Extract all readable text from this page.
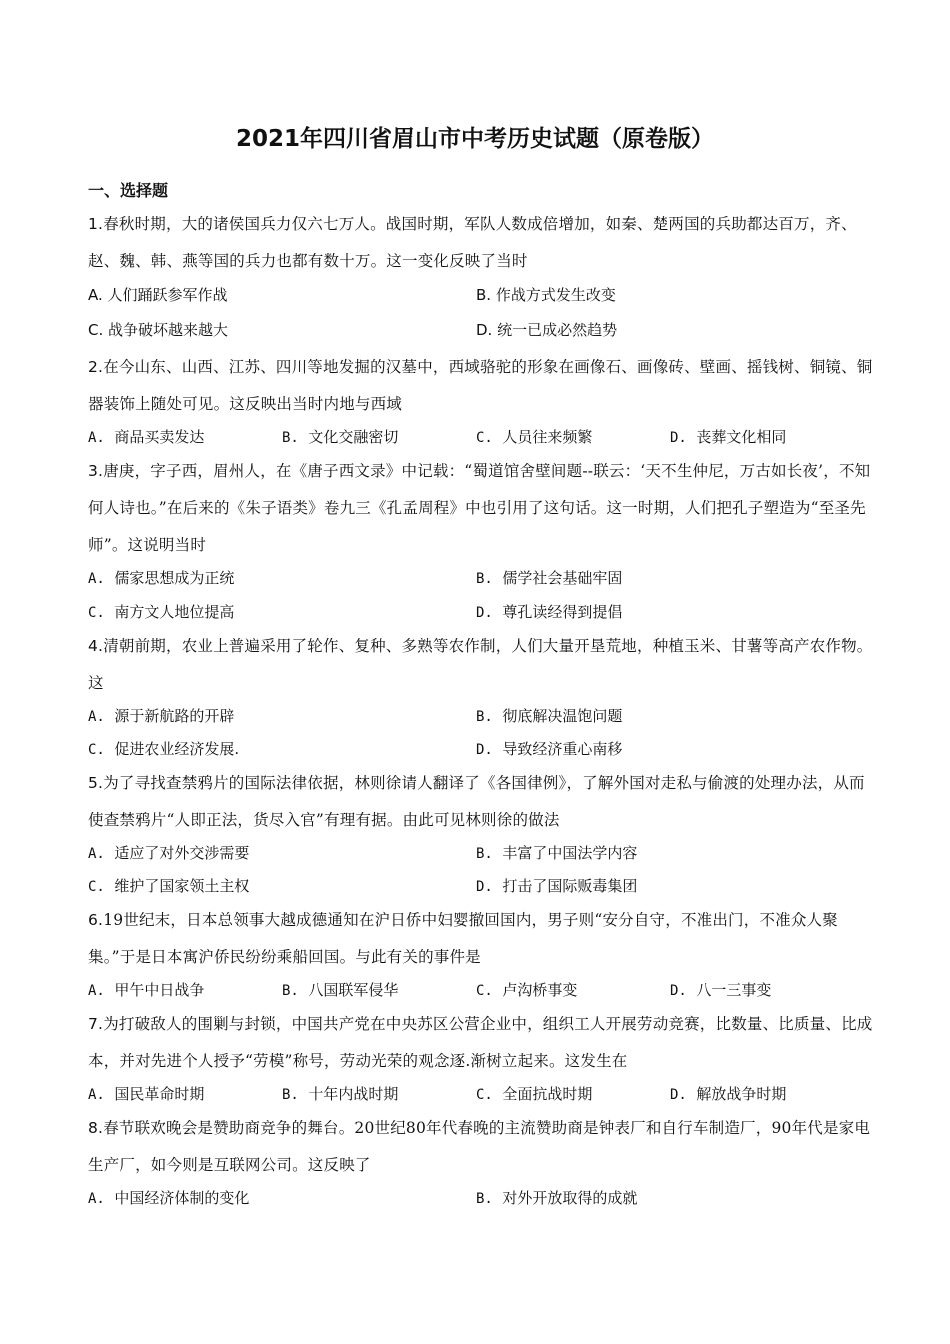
2021年四川省眉山市中考历史试题（原卷版）
一、选择题
1.春秋时期，大的诸侯国兵力仅六七万人。战国时期，军队人数成倍增加，如秦、楚两国的兵助都达百万，齐、赵、魏、韩、燕等国的兵力也都有数十万。这一变化反映了当时
A. 人们踊跃参军作战	B. 作战方式发生改变
C. 战争破坏越来越大	D. 统一已成必然趋势
2.在今山东、山西、江苏、四川等地发掘的汉墓中，西域骆驼的形象在画像石、画像砖、壁画、摇钱树、铜镜、铜器装饰上随处可见。这反映出当时内地与西域
A. 商品买卖发达	B. 文化交融密切	C. 人员往来频繁	D. 丧葬文化相同
3.唐庚，字子西，眉州人，在《唐子西文录》中记载：“蜀道馆舍壁间题--联云：‘天不生仲尼，万古如长夜’，不知何人诗也。”在后来的《朱子语类》卷九三《孔孟周程》中也引用了这句话。这一时期，人们把孔子塑造为“至圣先师”。这说明当时
A. 儒家思想成为正统	B. 儒学社会基础牢固
C. 南方文人地位提高	D. 尊孔读经得到提倡
4.清朝前期，农业上普遍采用了轮作、复种、多熟等农作制，人们大量开垦荒地，种植玉米、甘薯等高产农作物。这
A. 源于新航路的开辟	B. 彻底解决温饱问题
C. 促进农业经济发展.	D. 导致经济重心南移
5.为了寻找查禁鸦片的国际法律依据，林则徐请人翻译了《各国律例》，了解外国对走私与偷渡的处理办法，从而使查禁鸦片“人即正法，货尽入官”有理有据。由此可见林则徐的做法
A. 适应了对外交涉需要	B. 丰富了中国法学内容
C. 维护了国家领土主权	D. 打击了国际贩毒集团
6.19世纪末，日本总领事大越成德通知在沪日侨中妇婴撤回国内，男子则“安分自守，不准出门，不准众人聚集。”于是日本寓沪侨民纷纷乘船回国。与此有关的事件是
A. 甲午中日战争	B. 八国联军侵华	C. 卢沟桥事变	D. 八一三事变
7.为打破敌人的围剿与封锁，中国共产党在中央苏区公营企业中，组织工人开展劳动竞赛，比数量、比质量、比成本，并对先进个人授予“劳模”称号，劳动光荣的观念逐.渐树立起来。这发生在
A. 国民革命时期	B. 十年内战时期	C. 全面抗战时期	D. 解放战争时期
8.春节联欢晚会是赞助商竞争的舞台。20世纪80年代春晚的主流赞助商是钟表厂和自行车制造厂，90年代是家电生产厂，如今则是互联网公司。这反映了
A. 中国经济体制的变化	B. 对外开放取得的成就
